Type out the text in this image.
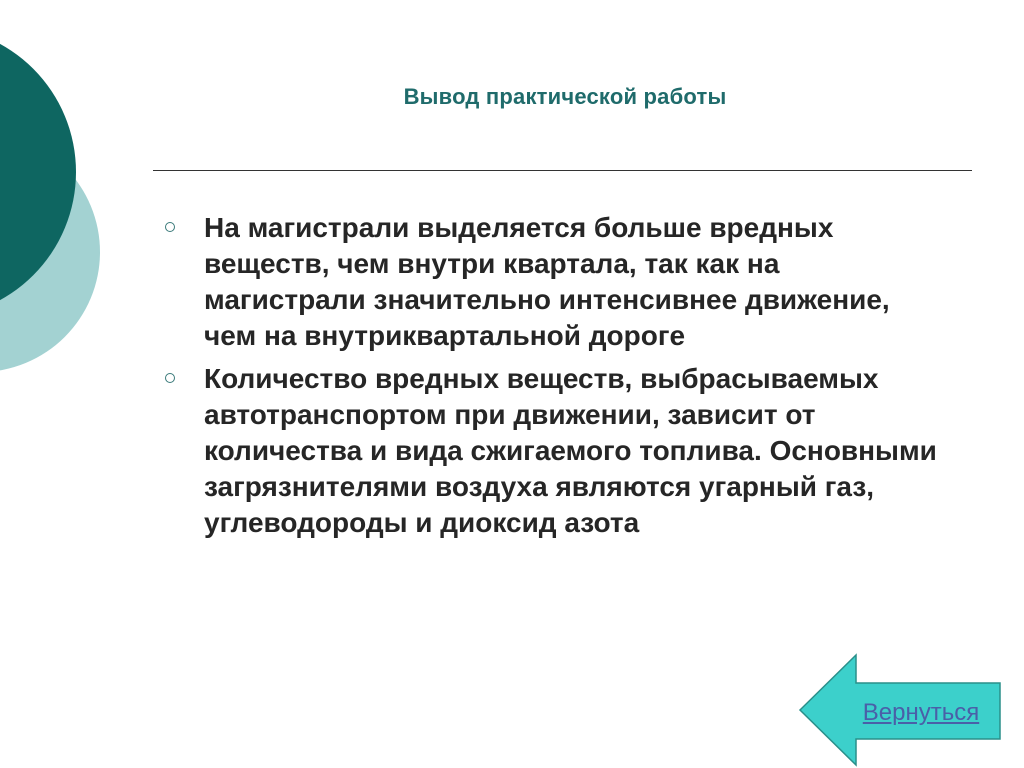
Вывод практической работы
На магистрали выделяется больше вредных веществ, чем внутри квартала, так как на магистрали значительно интенсивнее движение, чем на внутриквартальной дороге
Количество вредных веществ, выбрасываемых автотранспортом при движении, зависит от количества и вида сжигаемого топлива. Основными загрязнителями воздуха являются угарный газ, углеводороды и диоксид азота
Вернуться
